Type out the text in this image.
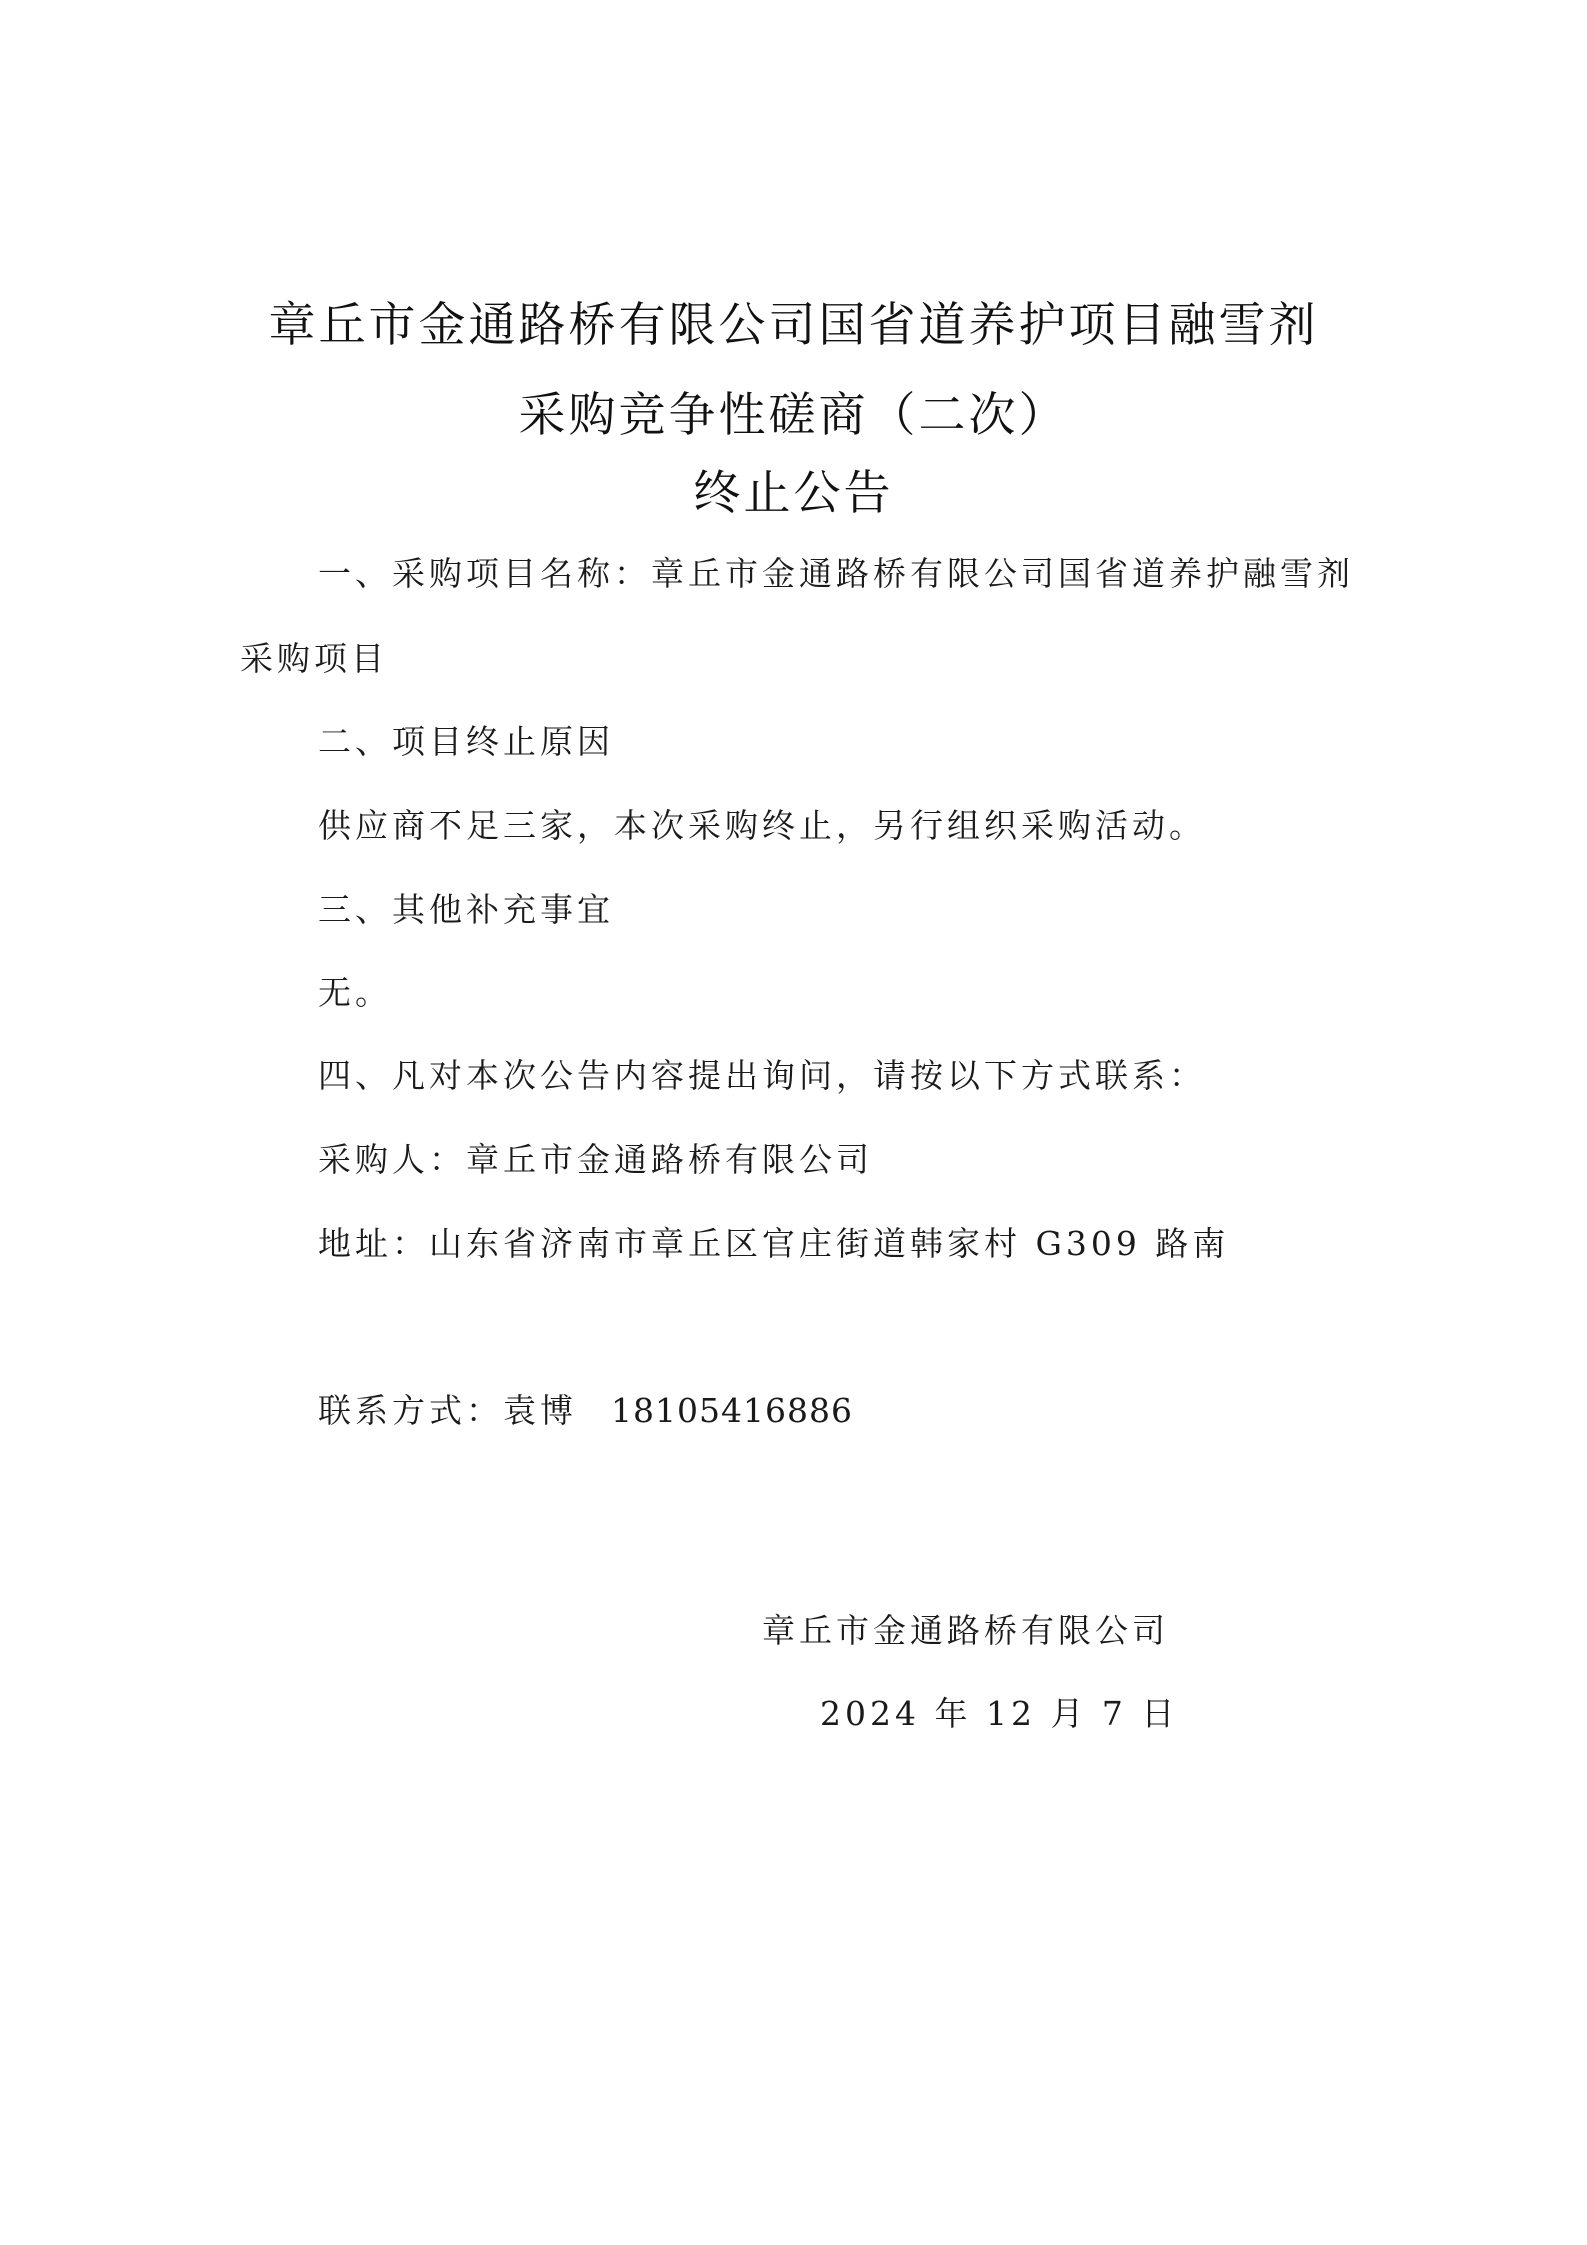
章丘市金通路桥有限公司国省道养护项目融雪剂
采购竞争性磋商（二次）
终止公告
一、采购项目名称：章丘市金通路桥有限公司国省道养护融雪剂
采购项目
二、项目终止原因
供应商不足三家，本次采购终止，另行组织采购活动。
三、其他补充事宜
无。
四、凡对本次公告内容提出询问，请按以下方式联系：
采购人：章丘市金通路桥有限公司
地址：山东省济南市章丘区官庄街道韩家村 G309 路南
联系方式：袁博 18105416886
章丘市金通路桥有限公司
2024 年 12 月 7 日
